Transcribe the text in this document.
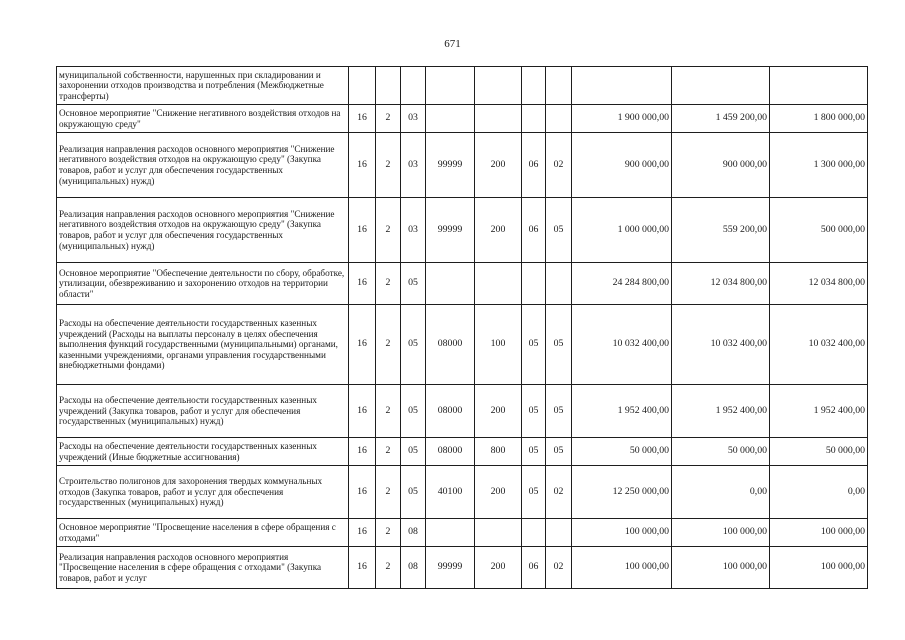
671
муниципальной собственности, нарушенных при складировании и захоронении отходов производства и потребления (Межбюджетные трансферты)										
Основное мероприятие "Снижение негативного воздействия отходов на окружающую среду"	16	2	03					1 900 000,00	1 459 200,00	1 800 000,00
Реализация направления расходов основного мероприятия "Снижение негативного воздействия отходов на окружающую среду" (Закупка товаров, работ и услуг для обеспечения государственных (муниципальных) нужд)	16	2	03	99999	200	06	02	900 000,00	900 000,00	1 300 000,00
Реализация направления расходов основного мероприятия "Снижение негативного воздействия отходов на окружающую среду" (Закупка товаров, работ и услуг для обеспечения государственных (муниципальных) нужд)	16	2	03	99999	200	06	05	1 000 000,00	559 200,00	500 000,00
Основное мероприятие "Обеспечение деятельности по сбору, обработке, утилизации, обезвреживанию и захоронению отходов на территории области"	16	2	05					24 284 800,00	12 034 800,00	12 034 800,00
Расходы на обеспечение деятельности государственных казенных учреждений (Расходы на выплаты персоналу в целях обеспечения выполнения функций государственными (муниципальными) органами, казенными учреждениями, органами управления государственными внебюджетными фондами)	16	2	05	08000	100	05	05	10 032 400,00	10 032 400,00	10 032 400,00
Расходы на обеспечение деятельности государственных казенных учреждений (Закупка товаров, работ и услуг для обеспечения государственных (муниципальных) нужд)	16	2	05	08000	200	05	05	1 952 400,00	1 952 400,00	1 952 400,00
Расходы на обеспечение деятельности государственных казенных учреждений (Иные бюджетные ассигнования)	16	2	05	08000	800	05	05	50 000,00	50 000,00	50 000,00
Строительство полигонов для захоронения твердых коммунальных отходов (Закупка товаров, работ и услуг для обеспечения государственных (муниципальных) нужд)	16	2	05	40100	200	05	02	12 250 000,00	0,00	0,00
Основное мероприятие "Просвещение населения в сфере обращения с отходами"	16	2	08					100 000,00	100 000,00	100 000,00
Реализация направления расходов основного мероприятия "Просвещение населения в сфере обращения с отходами" (Закупка товаров, работ и услуг	16	2	08	99999	200	06	02	100 000,00	100 000,00	100 000,00
